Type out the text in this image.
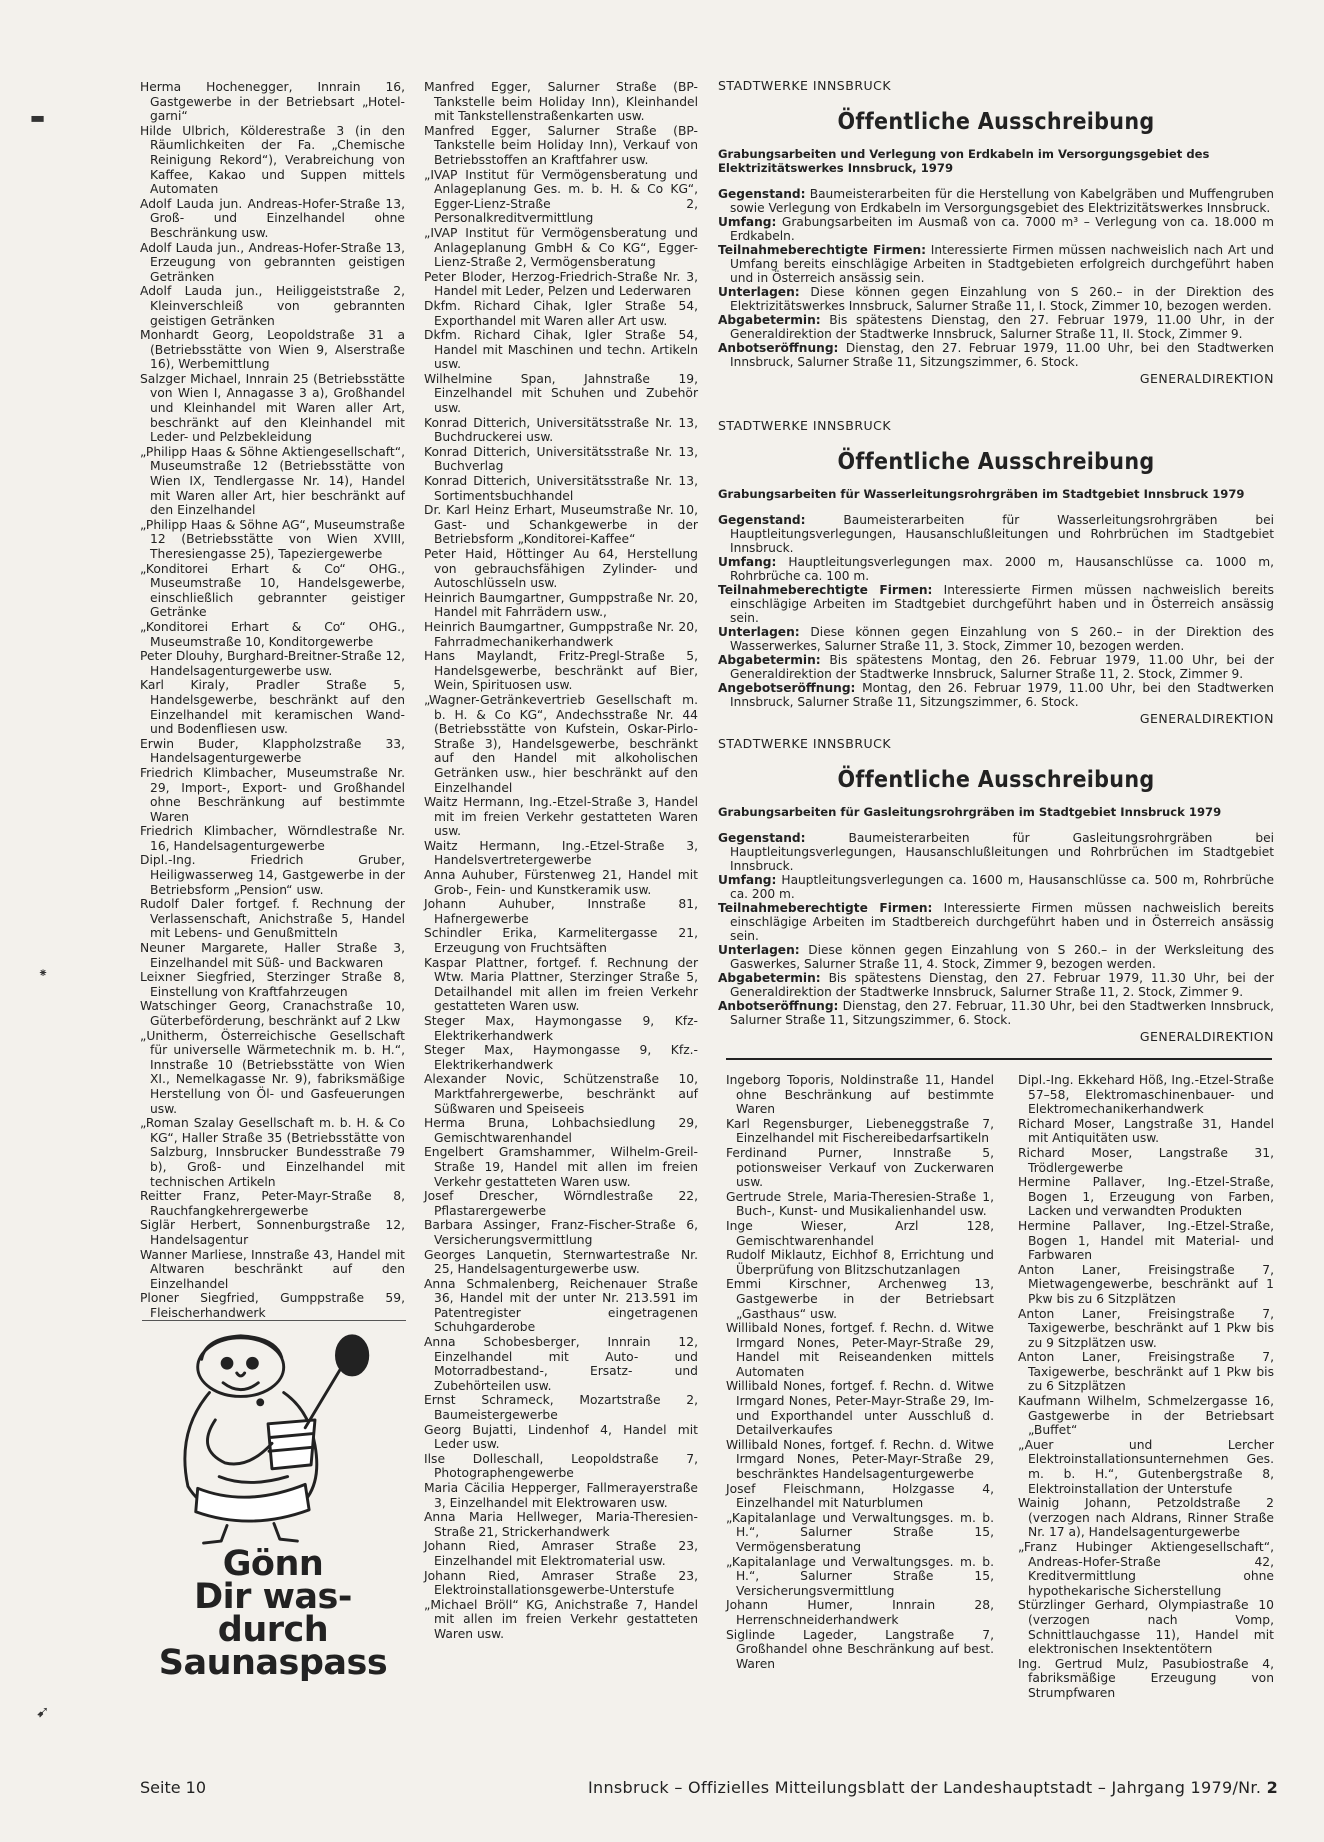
Herma Hochenegger, Innrain 16, Gastgewerbe in der Betriebsart „Hotel-garni“

Hilde Ulbrich, Kölderestraße 3 (in den Räumlichkeiten der Fa. „Chemische Reinigung Rekord“), Verabreichung von Kaffee, Kakao und Suppen mittels Automaten

Adolf Lauda jun. Andreas-Hofer-Straße 13, Groß- und Einzelhandel ohne Beschränkung usw.

Adolf Lauda jun., Andreas-Hofer-Straße 13, Erzeugung von gebrannten geistigen Getränken

Adolf Lauda jun., Heiliggeiststraße 2, Kleinverschleiß von gebrannten geistigen Getränken

Monhardt Georg, Leopoldstraße 31 a (Betriebsstätte von Wien 9, Alserstraße 16), Werbemittlung

Salzger Michael, Innrain 25 (Betriebsstätte von Wien I, Annagasse 3 a), Großhandel und Kleinhandel mit Waren aller Art, beschränkt auf den Kleinhandel mit Leder- und Pelzbekleidung

„Philipp Haas & Söhne Aktiengesellschaft“, Museumstraße 12 (Betriebsstätte von Wien IX, Tendlergasse Nr. 14), Handel mit Waren aller Art, hier beschränkt auf den Einzelhandel

„Philipp Haas & Söhne AG“, Museumstraße 12 (Betriebsstätte von Wien XVIII, Theresiengasse 25), Tapeziergewerbe

„Konditorei Erhart & Co“ OHG., Museumstraße 10, Handelsgewerbe, einschließlich gebrannter geistiger Getränke

„Konditorei Erhart & Co“ OHG., Museumstraße 10, Konditorgewerbe

Peter Dlouhy, Burghard-Breitner-Straße 12, Handelsagenturgewerbe usw.

Karl Kiraly, Pradler Straße 5, Handelsgewerbe, beschränkt auf den Einzelhandel mit keramischen Wand- und Bodenfliesen usw.

Erwin Buder, Klappholzstraße 33, Handelsagenturgewerbe

Friedrich Klimbacher, Museumstraße Nr. 29, Import-, Export- und Großhandel ohne Beschränkung auf bestimmte Waren

Friedrich Klimbacher, Wörndlestraße Nr. 16, Handelsagenturgewerbe

Dipl.-Ing. Friedrich Gruber, Heiligwasserweg 14, Gastgewerbe in der Betriebsform „Pension“ usw.

Rudolf Daler fortgef. f. Rechnung der Verlassenschaft, Anichstraße 5, Handel mit Lebens- und Genußmitteln

Neuner Margarete, Haller Straße 3, Einzelhandel mit Süß- und Backwaren

Leixner Siegfried, Sterzinger Straße 8, Einstellung von Kraftfahrzeugen

Watschinger Georg, Cranachstraße 10, Güterbeförderung, beschränkt auf 2 Lkw

„Unitherm, Österreichische Gesellschaft für universelle Wärmetechnik m. b. H.“, Innstraße 10 (Betriebsstätte von Wien XI., Nemelkagasse Nr. 9), fabriksmäßige Herstellung von Öl- und Gasfeuerungen usw.

„Roman Szalay Gesellschaft m. b. H. & Co KG“, Haller Straße 35 (Betriebsstätte von Salzburg, Innsbrucker Bundesstraße 79 b), Groß- und Einzelhandel mit technischen Artikeln

Reitter Franz, Peter-Mayr-Straße 8, Rauchfangkehrergewerbe

Siglär Herbert, Sonnenburgstraße 12, Handelsagentur

Wanner Marliese, Innstraße 43, Handel mit Altwaren beschränkt auf den Einzelhandel

Ploner Siegfried, Gumppstraße 59, Fleischerhandwerk

Manfred Egger, Salurner Straße (BP-Tankstelle beim Holiday Inn), Kleinhandel mit Tankstellenstraßenkarten usw.

Manfred Egger, Salurner Straße (BP-Tankstelle beim Holiday Inn), Verkauf von Betriebsstoffen an Kraftfahrer usw.

„IVAP Institut für Vermögensberatung und Anlageplanung Ges. m. b. H. & Co KG“, Egger-Lienz-Straße 2, Personalkreditvermittlung

„IVAP Institut für Vermögensberatung und Anlageplanung GmbH & Co KG“, Egger-Lienz-Straße 2, Vermögensberatung

Peter Bloder, Herzog-Friedrich-Straße Nr. 3, Handel mit Leder, Pelzen und Lederwaren

Dkfm. Richard Cihak, Igler Straße 54, Exporthandel mit Waren aller Art usw.

Dkfm. Richard Cihak, Igler Straße 54, Handel mit Maschinen und techn. Artikeln usw.

Wilhelmine Span, Jahnstraße 19, Einzelhandel mit Schuhen und Zubehör usw.

Konrad Ditterich, Universitätsstraße Nr. 13, Buchdruckerei usw.

Konrad Ditterich, Universitätsstraße Nr. 13, Buchverlag

Konrad Ditterich, Universitätsstraße Nr. 13, Sortimentsbuchhandel

Dr. Karl Heinz Erhart, Museumstraße Nr. 10, Gast- und Schankgewerbe in der Betriebsform „Konditorei-Kaffee“

Peter Haid, Höttinger Au 64, Herstellung von gebrauchsfähigen Zylinder- und Autoschlüsseln usw.

Heinrich Baumgartner, Gumppstraße Nr. 20, Handel mit Fahrrädern usw.,

Heinrich Baumgartner, Gumppstraße Nr. 20, Fahrradmechanikerhandwerk

Hans Maylandt, Fritz-Pregl-Straße 5, Handelsgewerbe, beschränkt auf Bier, Wein, Spirituosen usw.

„Wagner-Getränkevertrieb Gesellschaft m. b. H. & Co KG“, Andechsstraße Nr. 44 (Betriebsstätte von Kufstein, Oskar-Pirlo-Straße 3), Handelsgewerbe, beschränkt auf den Handel mit alkoholischen Getränken usw., hier beschränkt auf den Einzelhandel

Waitz Hermann, Ing.-Etzel-Straße 3, Handel mit im freien Verkehr gestatteten Waren usw.

Waitz Hermann, Ing.-Etzel-Straße 3, Handelsvertretergewerbe

Anna Auhuber, Fürstenweg 21, Handel mit Grob-, Fein- und Kunstkeramik usw.

Johann Auhuber, Innstraße 81, Hafnergewerbe

Schindler Erika, Karmelitergasse 21, Erzeugung von Fruchtsäften

Kaspar Plattner, fortgef. f. Rechnung der Wtw. Maria Plattner, Sterzinger Straße 5, Detailhandel mit allen im freien Verkehr gestatteten Waren usw.

Steger Max, Haymongasse 9, Kfz-Elektrikerhandwerk

Steger Max, Haymongasse 9, Kfz.-Elektrikerhandwerk

Alexander Novic, Schützenstraße 10, Marktfahrergewerbe, beschränkt auf Süßwaren und Speiseeis

Herma Bruna, Lohbachsiedlung 29, Gemischtwarenhandel

Engelbert Gramshammer, Wilhelm-Greil-Straße 19, Handel mit allen im freien Verkehr gestatteten Waren usw.

Josef Drescher, Wörndlestraße 22, Pflastarergewerbe

Barbara Assinger, Franz-Fischer-Straße 6, Versicherungsvermittlung

Georges Lanquetin, Sternwartestraße Nr. 25, Handelsagenturgewerbe usw.

Anna Schmalenberg, Reichenauer Straße 36, Handel mit der unter Nr. 213.591 im Patentregister eingetragenen Schuhgarderobe

Anna Schobesberger, Innrain 12, Einzelhandel mit Auto- und Motorradbestand-, Ersatz- und Zubehörteilen usw.

Ernst Schrameck, Mozartstraße 2, Baumeistergewerbe

Georg Bujatti, Lindenhof 4, Handel mit Leder usw.

Ilse Dolleschall, Leopoldstraße 7, Photographengewerbe

Maria Cäcilia Hepperger, Fallmerayerstraße 3, Einzelhandel mit Elektrowaren usw.

Anna Maria Hellweger, Maria-Theresien-Straße 21, Strickerhandwerk

Johann Ried, Amraser Straße 23, Einzelhandel mit Elektromaterial usw.

Johann Ried, Amraser Straße 23, Elektroinstallationsgewerbe-Unterstufe

„Michael Bröll“ KG, Anichstraße 7, Handel mit allen im freien Verkehr gestatteten Waren usw.

STADTWERKE INNSBRUCK

Öffentliche Ausschreibung

Grabungsarbeiten und Verlegung von Erdkabeln im Versorgungsgebiet des Elektrizitätswerkes Innsbruck, 1979

Gegenstand: Baumeisterarbeiten für die Herstellung von Kabelgräben und Muffengruben sowie Verlegung von Erdkabeln im Versorgungsgebiet des Elektrizitätswerkes Innsbruck.

Umfang: Grabungsarbeiten im Ausmaß von ca. 7000 m³ – Verlegung von ca. 18.000 m Erdkabeln.

Teilnahmeberechtigte Firmen: Interessierte Firmen müssen nachweislich nach Art und Umfang bereits einschlägige Arbeiten in Stadtgebieten erfolgreich durchgeführt haben und in Österreich ansässig sein.

Unterlagen: Diese können gegen Einzahlung von S 260.– in der Direktion des Elektrizitätswerkes Innsbruck, Salurner Straße 11, I. Stock, Zimmer 10, bezogen werden.

Abgabetermin: Bis spätestens Dienstag, den 27. Februar 1979, 11.00 Uhr, in der Generaldirektion der Stadtwerke Innsbruck, Salurner Straße 11, II. Stock, Zimmer 9.

Anbotseröffnung: Dienstag, den 27. Februar 1979, 11.00 Uhr, bei den Stadtwerken Innsbruck, Salurner Straße 11, Sitzungszimmer, 6. Stock.

GENERALDIREKTION

STADTWERKE INNSBRUCK

Öffentliche Ausschreibung

Grabungsarbeiten für Wasserleitungsrohrgräben im Stadtgebiet Innsbruck 1979

Gegenstand:	Baumeisterarbeiten für Wasserleitungsrohrgräben bei Hauptleitungsverlegungen, Hausanschlußleitungen und Rohrbrüchen im Stadtgebiet Innsbruck.

Umfang: Hauptleitungsverlegungen max. 2000 m, Hausanschlüsse ca. 1000 m, Rohrbrüche ca. 100 m.

Teilnahmeberechtigte Firmen: Interessierte Firmen müssen nachweislich bereits einschlägige Arbeiten im Stadtgebiet durchgeführt haben und in Österreich ansässig sein.

Unterlagen: Diese können gegen Einzahlung von S 260.– in der Direktion des Wasserwerkes, Salurner Straße 11, 3. Stock, Zimmer 10, bezogen werden.

Abgabetermin: Bis spätestens Montag, den 26. Februar 1979, 11.00 Uhr, bei der Generaldirektion der Stadtwerke Innsbruck, Salurner Straße 11, 2. Stock, Zimmer 9.

Angebotseröffnung: Montag, den 26. Februar 1979, 11.00 Uhr, bei den Stadtwerken Innsbruck, Salurner Straße 11, Sitzungszimmer, 6. Stock.

GENERALDIREKTION

STADTWERKE INNSBRUCK

Öffentliche Ausschreibung

Grabungsarbeiten für Gasleitungsrohrgräben im Stadtgebiet Innsbruck 1979

Gegenstand:	Baumeisterarbeiten für Gasleitungsrohrgräben bei Hauptleitungsverlegungen, Hausanschlußleitungen und Rohrbrüchen im Stadtgebiet Innsbruck.

Umfang: Hauptleitungsverlegungen ca. 1600 m, Hausanschlüsse ca. 500 m, Rohrbrüche ca. 200 m.

Teilnahmeberechtigte Firmen: Interessierte Firmen müssen nachweislich bereits einschlägige Arbeiten im Stadtbereich durchgeführt haben und in Österreich ansässig sein.

Unterlagen: Diese können gegen Einzahlung von S 260.– in der Werksleitung des Gaswerkes, Salurner Straße 11, 4. Stock, Zimmer 9, bezogen werden.

Abgabetermin: Bis spätestens Dienstag, den 27. Februar 1979, 11.30 Uhr, bei der Generaldirektion der Stadtwerke Innsbruck, Salurner Straße 11, 2. Stock, Zimmer 9.

Anbotseröffnung: Dienstag, den 27. Februar, 11.30 Uhr, bei den Stadtwerken Innsbruck, Salurner Straße 11, Sitzungszimmer, 6. Stock.

GENERALDIREKTION

Ingeborg Toporis, Noldinstraße 11, Handel ohne Beschränkung auf bestimmte Waren

Karl Regensburger, Liebeneggstraße 7, Einzelhandel mit Fischereibedarfsartikeln

Ferdinand Purner, Innstraße 5, potionsweiser Verkauf von Zuckerwaren usw.

Gertrude Strele, Maria-Theresien-Straße 1, Buch-, Kunst- und Musikalienhandel usw.

Inge Wieser, Arzl 128, Gemischtwarenhandel

Rudolf Miklautz, Eichhof 8, Errichtung und Überprüfung von Blitzschutzanlagen

Emmi Kirschner, Archenweg 13, Gastgewerbe in der Betriebsart „Gasthaus“ usw.

Willibald Nones, fortgef. f. Rechn. d. Witwe Irmgard Nones, Peter-Mayr-Straße 29, Handel mit Reiseandenken mittels Automaten

Willibald Nones, fortgef. f. Rechn. d. Witwe Irmgard Nones, Peter-Mayr-Straße 29, Im- und Exporthandel unter Ausschluß d. Detailverkaufes

Willibald Nones, fortgef. f. Rechn. d. Witwe Irmgard Nones, Peter-Mayr-Straße 29, beschränktes Handelsagenturgewerbe

Josef Fleischmann, Holzgasse 4, Einzelhandel mit Naturblumen

„Kapitalanlage und Verwaltungsges. m. b. H.“, Salurner Straße 15, Vermögensberatung

„Kapitalanlage und Verwaltungsges. m. b. H.“, Salurner Straße 15, Versicherungsvermittlung

Johann Humer, Innrain 28, Herrenschneiderhandwerk

Siglinde Lageder, Langstraße 7, Großhandel ohne Beschränkung auf best. Waren

Dipl.-Ing. Ekkehard Höß, Ing.-Etzel-Straße 57–58, Elektromaschinenbauer- und Elektromechanikerhandwerk

Richard Moser, Langstraße 31, Handel mit Antiquitäten usw.

Richard Moser, Langstraße 31, Trödlergewerbe

Hermine Pallaver, Ing.-Etzel-Straße, Bogen 1, Erzeugung von Farben, Lacken und verwandten Produkten

Hermine Pallaver, Ing.-Etzel-Straße, Bogen 1, Handel mit Material- und Farbwaren

Anton Laner, Freisingstraße 7, Mietwagengewerbe, beschränkt auf 1 Pkw bis zu 6 Sitzplätzen

Anton Laner, Freisingstraße 7, Taxigewerbe, beschränkt auf 1 Pkw bis zu 9 Sitzplätzen usw.

Anton Laner, Freisingstraße 7, Taxigewerbe, beschränkt auf 1 Pkw bis zu 6 Sitzplätzen

Kaufmann Wilhelm, Schmelzergasse 16, Gastgewerbe in der Betriebsart „Buffet“

„Auer und Lercher Elektroinstallationsunternehmen Ges. m. b. H.“, Gutenbergstraße 8, Elektroinstallation der Unterstufe

Wainig Johann, Petzoldstraße 2 (verzogen nach Aldrans, Rinner Straße Nr. 17 a), Handelsagenturgewerbe

„Franz Hubinger Aktiengesellschaft“, Andreas-Hofer-Straße 42, Kreditvermittlung ohne hypothekarische Sicherstellung

Stürzlinger Gerhard, Olympiastraße 10 (verzogen nach Vomp, Schnittlauchgasse 11), Handel mit elektronischen Insektentötern

Ing. Gertrud Mulz, Pasubiostraße 4, fabriksmäßige Erzeugung von Strumpfwaren

Gönn
Dir was-
durch
Saunaspass
Seite 10	Innsbruck – Offizielles Mitteilungsblatt der Landeshauptstadt – Jahrgang 1979/Nr. 2
▬
⁕
➹
